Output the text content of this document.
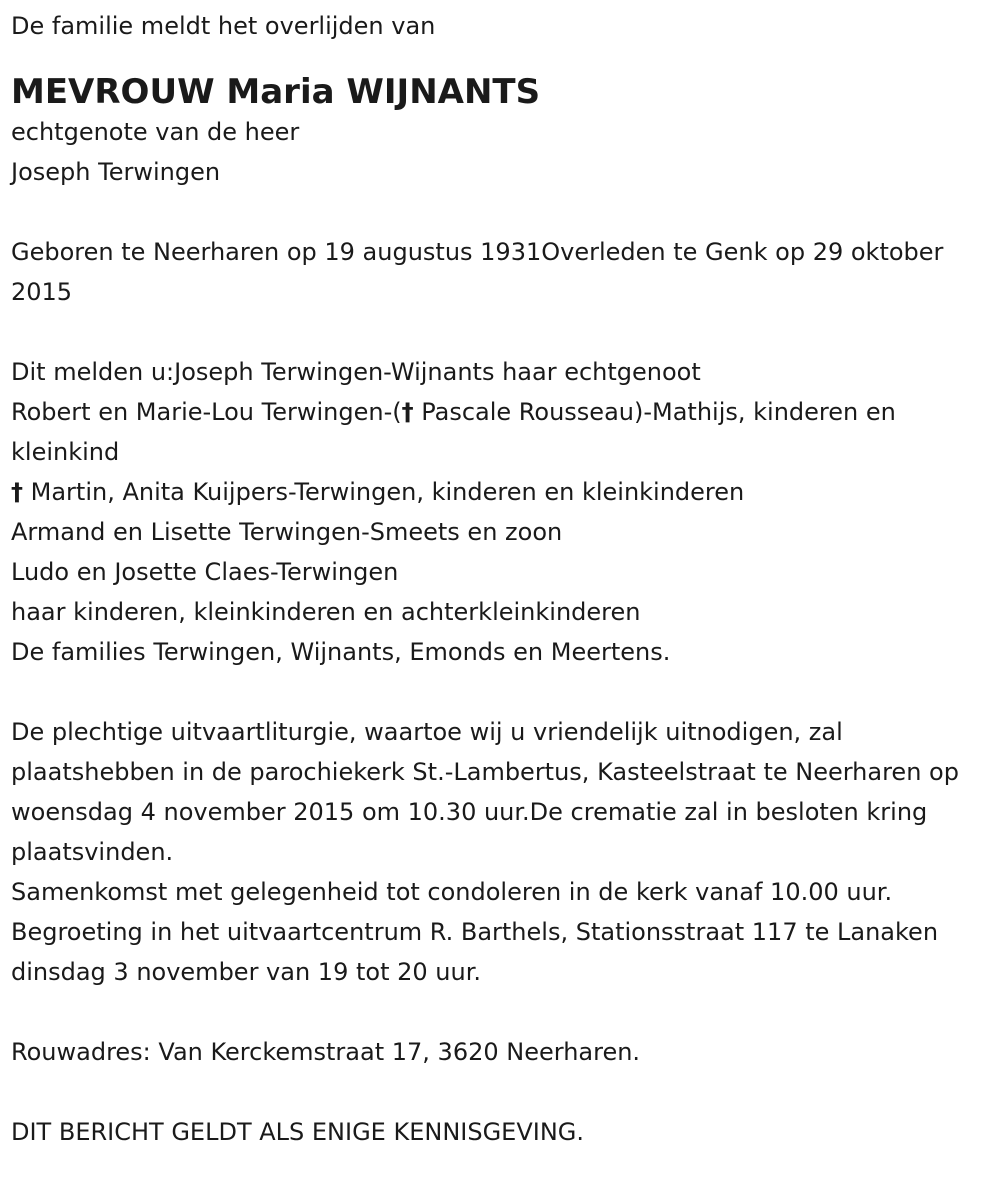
De familie meldt het overlijden van

MEVROUW Maria WIJNANTS

echtgenote van de heer

Joseph Terwingen

Geboren te Neerharen op 19 augustus 1931Overleden te Genk op 29 oktober 2015

Dit melden u:Joseph Terwingen-Wijnants haar echtgenoot

Robert en Marie-Lou Terwingen-(† Pascale Rousseau)-Mathijs, kinderen en kleinkind

† Martin, Anita Kuijpers-Terwingen, kinderen en kleinkinderen

Armand en Lisette Terwingen-Smeets en zoon

Ludo en Josette Claes-Terwingen

haar kinderen, kleinkinderen en achterkleinkinderen

De families Terwingen, Wijnants, Emonds en Meertens.

De plechtige uitvaartliturgie, waartoe wij u vriendelijk uitnodigen, zal plaatshebben in de parochiekerk St.-Lambertus, Kasteelstraat te Neerharen op woensdag 4 november 2015 om 10.30 uur.De crematie zal in besloten kring plaatsvinden.

Samenkomst met gelegenheid tot condoleren in de kerk vanaf 10.00 uur.

Begroeting in het uitvaartcentrum R. Barthels, Stationsstraat 117 te Lanaken dinsdag 3 november van 19 tot 20 uur.

Rouwadres: Van Kerckemstraat 17, 3620 Neerharen.

DIT BERICHT GELDT ALS ENIGE KENNISGEVING.
